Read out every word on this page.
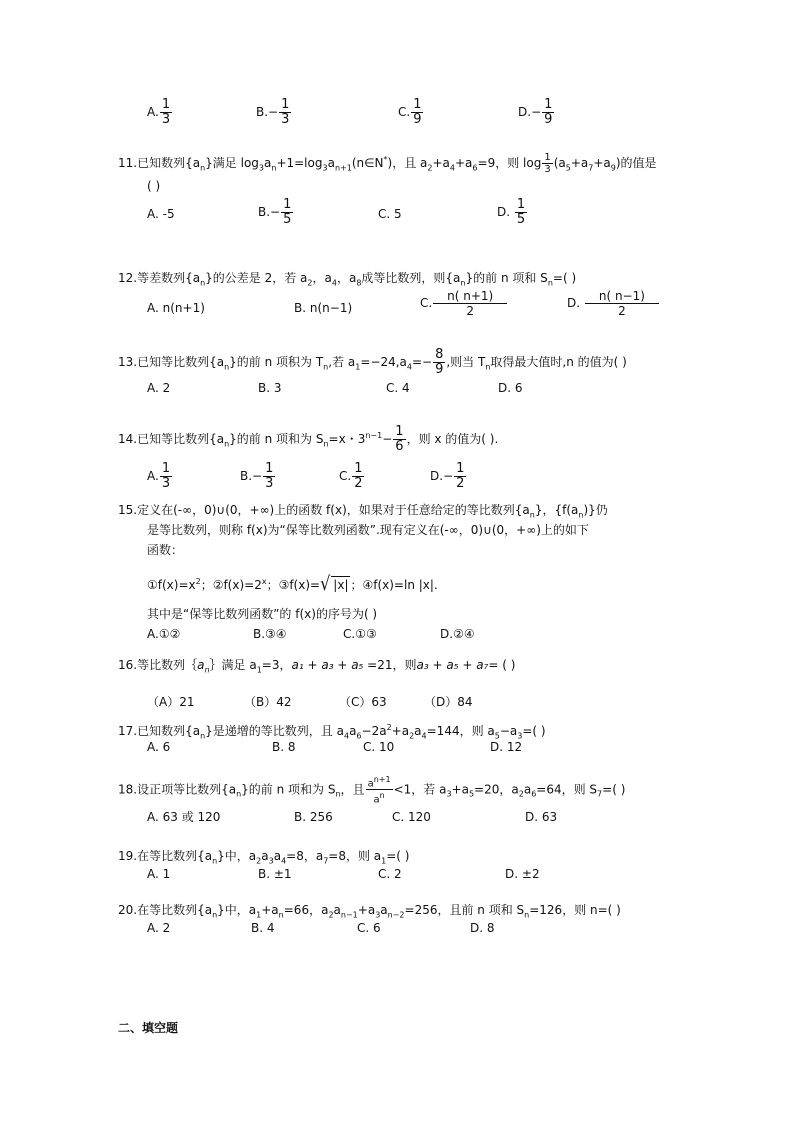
A. $\frac{1}{3}$	$B.- \frac{1}{3}$	C. $\frac{1}{9}$	$D.- \frac{1}{9}$
11.已知数列$\{a_n\}$满足 $\log_3a_n+1=\log_3a_{n+1}(n\in N^*)$，且 $a_2+a_4+a_6=9$，则 $\log \frac{1}{3} (a_5+a_7+a_9)$的值是
( )
A. -5	$B.- \frac{1}{5}$	C. 5	D. $\frac{1}{5}$
12.等差数列$\{a_n\}$的公差是 2，若 $a_2$，$a_4$，$a_8$成等比数列，则$\{a_n\}$的前 n 项和 $S_n=$( )
A. n(n+1)	B. n(n−1)	C. $\frac{n( n+1)}{2}$	D. $\frac{n( n-1)}{2}$
13.已知等比数列$\{a_n\}$的前 n 项积为 $T_n$,若 $a_1=-24,a_4=- \frac{8}{9}$ ,则当 $T_n$取得最大值时,n 的值为( )
A. 2	B. 3	C. 4	D. 6
14.已知等比数列$\{a_n\}$的前 n 项和为 $S_n=x$・$3^{n-1}- \frac{1}{6}$ ，则 x 的值为( ).
A. $\frac{1}{3}$	$B.- \frac{1}{3}$	C. $\frac{1}{2}$	$D.- \frac{1}{2}$
15.定义在(-∞，0)∪(0，+∞)上的函数 f(x)，如果对于任意给定的等比数列$\{a_n\}$，$\{f(a_n)\}$仍
是等比数列，则称 f(x)为“保等比数列函数”.现有定义在(-∞，0)∪(0，+∞)上的如下
函数：
$①f(x)=x^2$；$②f(x)=2^x$；③f(x)=√ |x| ；④f(x)=ln |x|.
其中是“保等比数列函数”的 f(x)的序号为( )
A.①②	B.③④	C.①③	D.②④
16.等比数列$\{a_n\}$满足 $a_1=3$，a₁ + a₃ + a₅ =21，则a₃ + a₅ + a₇= ( )
（A）21	（B）42	（C）63	（D）84
17.已知数列$\{a_n\}$是递增的等比数列，且 $a_4a_6-2a^2+a_2a_4=144$，则 $a_5-a_3=$( )
A. 6	B. 8	C. 10	D. 12
18.设正项等比数列$\{a_n\}$的前 n 项和为 $S_n$，且 $\frac{a^{n+1}}{a^n} <1$，若 $a_3+a_5=20$，$a_2a_6=64$，则 $S_7=$( )
A. 63 或 120	B. 256	C. 120	D. 63
19.在等比数列$\{a_n\}$中，$a_2a_3a_4=8$，$a_7=8$，则 $a_1=$( )
A. 1	B. ±1	C. 2	D. ±2
20.在等比数列$\{a_n\}$中，$a_1+a_n=66$，$a_2a_{n-1}+a_3a_{n-2}=256$，且前 n 项和 $S_n=126$，则 n=( )
A. 2	B. 4	C. 6	D. 8
二、填空题
